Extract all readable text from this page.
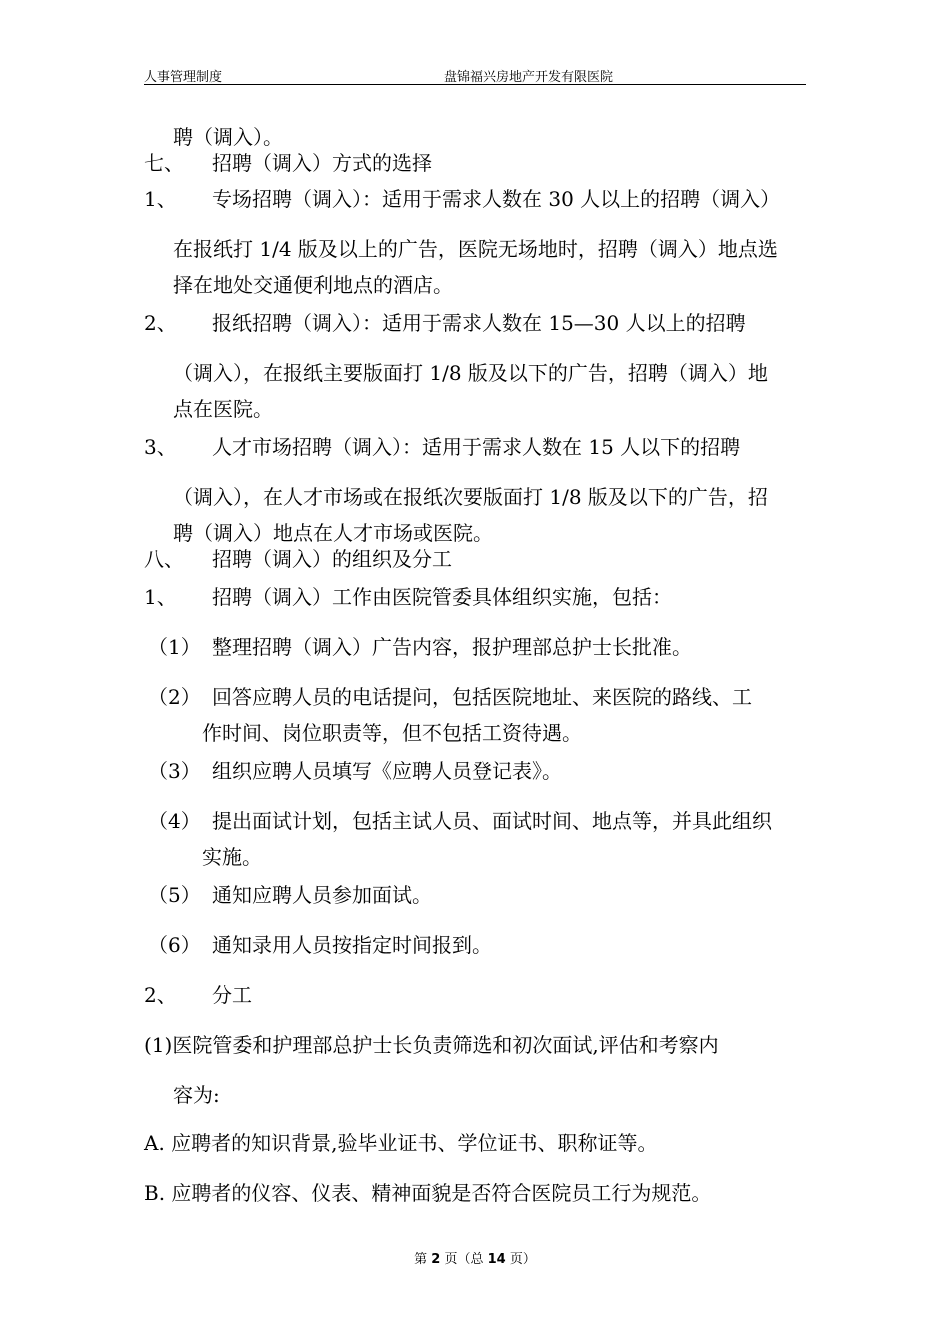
人事管理制度	盘锦福兴房地产开发有限医院
聘（调入）。
七、 招聘（调入）方式的选择
1、 专场招聘（调入）：适用于需求人数在 30 人以上的招聘（调入）
在报纸打 1/4 版及以上的广告，医院无场地时，招聘（调入）地点选
择在地处交通便利地点的酒店。
2、 报纸招聘（调入）：适用于需求人数在 15—30 人以上的招聘
（调入），在报纸主要版面打 1/8 版及以下的广告，招聘（调入）地
点在医院。
3、 人才市场招聘（调入）：适用于需求人数在 15 人以下的招聘
（调入），在人才市场或在报纸次要版面打 1/8 版及以下的广告，招
聘（调入）地点在人才市场或医院。
八、 招聘（调入）的组织及分工
1、 招聘（调入）工作由医院管委具体组织实施，包括：
（1） 整理招聘（调入）广告内容，报护理部总护士长批准。
（2） 回答应聘人员的电话提问，包括医院地址、来医院的路线、工
作时间、岗位职责等，但不包括工资待遇。
（3） 组织应聘人员填写《应聘人员登记表》。
（4） 提出面试计划，包括主试人员、面试时间、地点等，并具此组织
实施。
（5） 通知应聘人员参加面试。
（6） 通知录用人员按指定时间报到。
2、 分工
(1)医院管委和护理部总护士长负责筛选和初次面试,评估和考察内
容为:
A. 应聘者的知识背景,验毕业证书、学位证书、职称证等。
B. 应聘者的仪容、仪表、精神面貌是否符合医院员工行为规范。
第 2 页（总 14 页）
